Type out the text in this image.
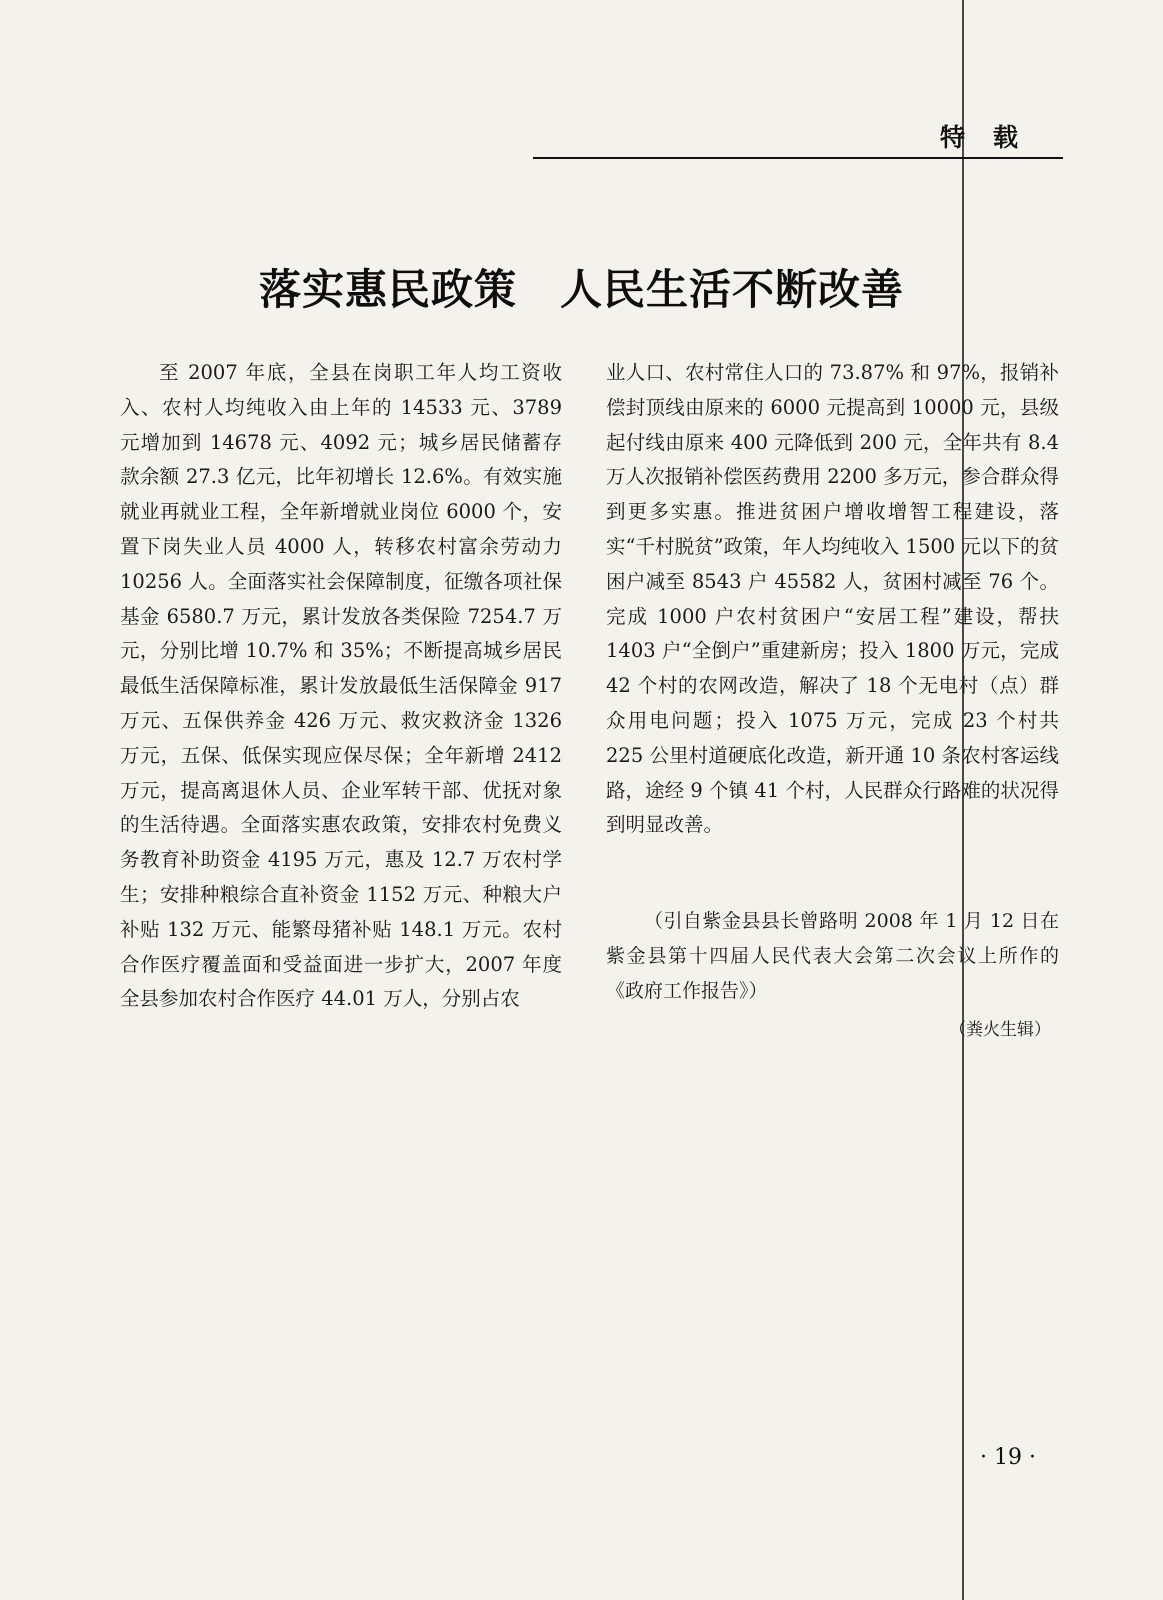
特载
落实惠民政策　人民生活不断改善

至 2007 年底，全县在岗职工年人均工资收入、农村人均纯收入由上年的 14533 元、3789 元增加到 14678 元、4092 元；城乡居民储蓄存款余额 27.3 亿元，比年初增长 12.6%。有效实施就业再就业工程，全年新增就业岗位 6000 个，安置下岗失业人员 4000 人，转移农村富余劳动力 10256 人。全面落实社会保障制度，征缴各项社保基金 6580.7 万元，累计发放各类保险 7254.7 万元，分别比增 10.7% 和 35%；不断提高城乡居民最低生活保障标准，累计发放最低生活保障金 917 万元、五保供养金 426 万元、救灾救济金 1326 万元，五保、低保实现应保尽保；全年新增 2412 万元，提高离退休人员、企业军转干部、优抚对象的生活待遇。全面落实惠农政策，安排农村免费义务教育补助资金 4195 万元，惠及 12.7 万农村学生；安排种粮综合直补资金 1152 万元、种粮大户补贴 132 万元、能繁母猪补贴 148.1 万元。农村合作医疗覆盖面和受益面进一步扩大，2007 年度全县参加农村合作医疗 44.01 万人，分别占农

业人口、农村常住人口的 73.87% 和 97%，报销补偿封顶线由原来的 6000 元提高到 10000 元，县级起付线由原来 400 元降低到 200 元，全年共有 8.4 万人次报销补偿医药费用 2200 多万元，参合群众得到更多实惠。推进贫困户增收增智工程建设，落实“千村脱贫”政策，年人均纯收入 1500 元以下的贫困户减至 8543 户 45582 人，贫困村减至 76 个。完成 1000 户农村贫困户“安居工程”建设，帮扶 1403 户“全倒户”重建新房；投入 1800 万元，完成 42 个村的农网改造，解决了 18 个无电村（点）群众用电问题；投入 1075 万元，完成 23 个村共 225 公里村道硬底化改造，新开通 10 条农村客运线路，途经 9 个镇 41 个村，人民群众行路难的状况得到明显改善。

（引自紫金县县长曾路明 2008 年 1 月 12 日在紫金县第十四届人民代表大会第二次会议上所作的《政府工作报告》）
（粪火生辑）
· 19 ·
